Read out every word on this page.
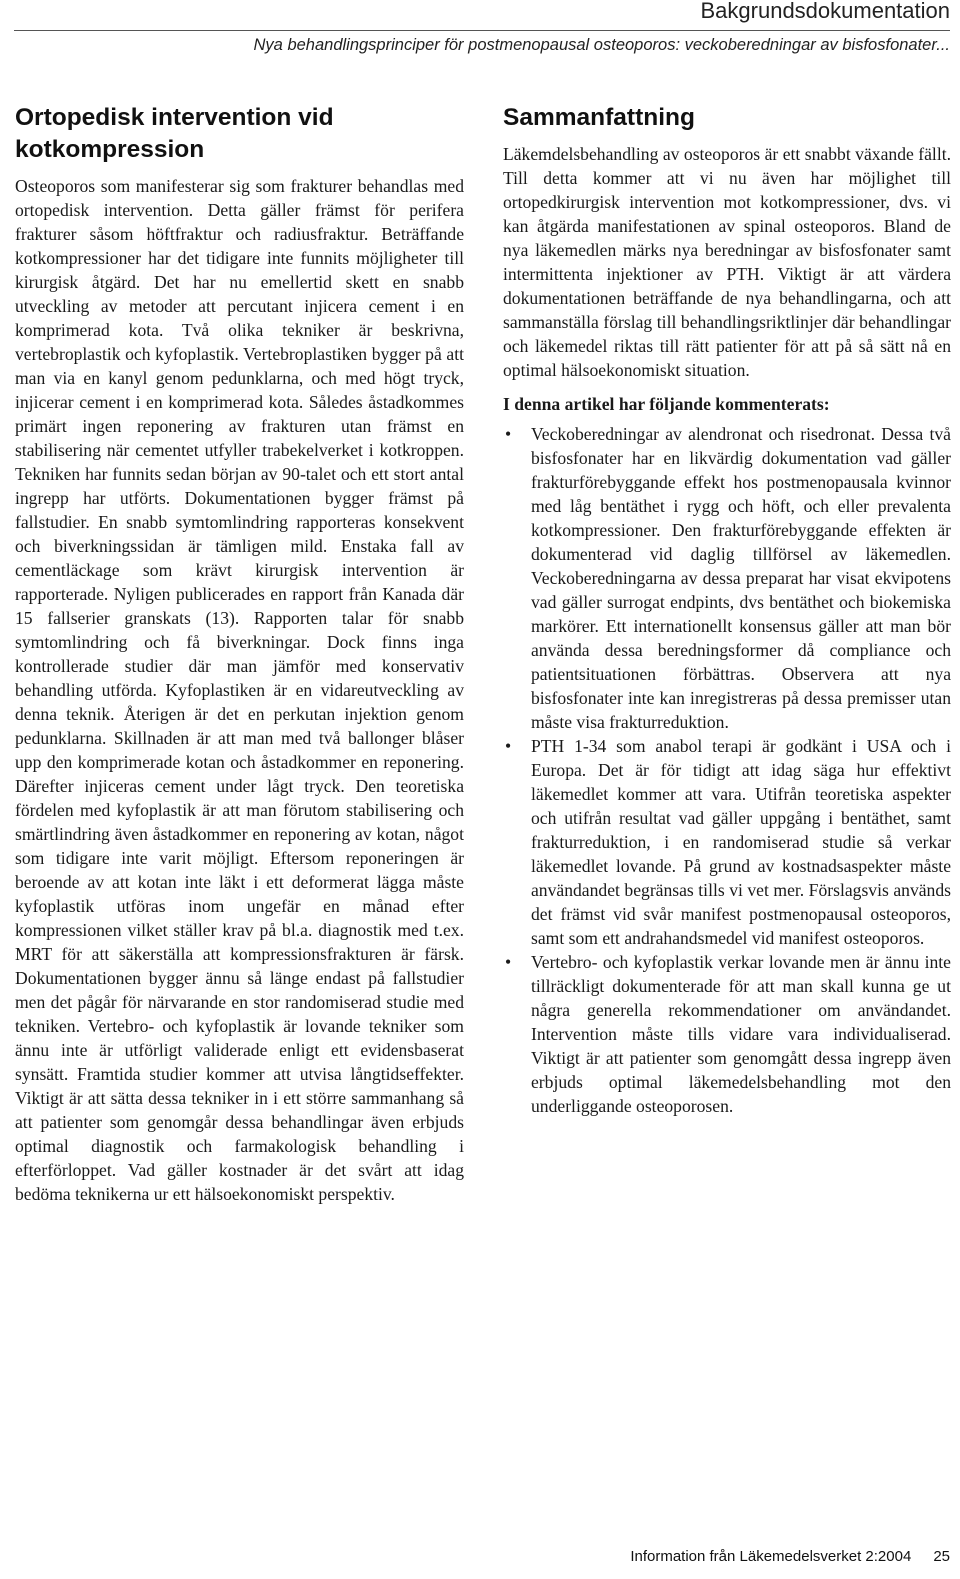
Bakgrundsdokumentation
Nya behandlingsprinciper för postmenopausal osteoporos: veckoberedningar av bisfosfonater...
Ortopedisk intervention vid kotkompression

Osteoporos som manifesterar sig som frakturer behandlas med ortopedisk intervention. Detta gäller främst för perifera frakturer såsom höftfraktur och radiusfraktur. Beträffande kotkompressioner har det tidigare inte funnits möjligheter till kirurgisk åtgärd. Det har nu emellertid skett en snabb utveckling av metoder att percutant injicera cement i en komprimerad kota. Två olika tekniker är beskrivna, vertebroplastik och kyfoplastik. Vertebroplastiken bygger på att man via en kanyl genom pedunklarna, och med högt tryck, injicerar cement i en komprimerad kota. Således åstadkommes primärt ingen reponering av frakturen utan främst en stabilisering när cementet utfyller trabekelverket i kotkroppen. Tekniken har funnits sedan början av 90-talet och ett stort antal ingrepp har utförts. Dokumentationen bygger främst på fallstudier. En snabb symtomlindring rapporteras konsekvent och biverkningssidan är tämligen mild. Enstaka fall av cementläckage som krävt kirurgisk intervention är rapporterade. Nyligen publicerades en rapport från Kanada där 15 fallserier granskats (13). Rapporten talar för snabb symtomlindring och få biverkningar. Dock finns inga kontrollerade studier där man jämför med konservativ behandling utförda. Kyfoplastiken är en vidareutveckling av denna teknik. Återigen är det en perkutan injektion genom pedunklarna. Skillnaden är att man med två ballonger blåser upp den komprimerade kotan och åstadkommer en reponering. Därefter injiceras cement under lågt tryck. Den teoretiska fördelen med kyfoplastik är att man förutom stabilisering och smärtlindring även åstadkommer en reponering av kotan, något som tidigare inte varit möjligt. Eftersom reponeringen är beroende av att kotan inte läkt i ett deformerat lägga måste kyfoplastik utföras inom ungefär en månad efter kompressionen vilket ställer krav på bl.a. diagnostik med t.ex. MRT för att säkerställa att kompressionsfrakturen är färsk. Dokumentationen bygger ännu så länge endast på fallstudier men det pågår för närvarande en stor randomiserad studie med tekniken. Vertebro- och kyfoplastik är lovande tekniker som ännu inte är utförligt validerade enligt ett evidensbaserat synsätt. Framtida studier kommer att utvisa långtidseffekter. Viktigt är att sätta dessa tekniker in i ett större sammanhang så att patienter som genomgår dessa behandlingar även erbjuds optimal diagnostik och farmakologisk behandling i efterförloppet. Vad gäller kostnader är det svårt att idag bedöma teknikerna ur ett hälsoekonomiskt perspektiv.

Sammanfattning

Läkemdelsbehandling av osteoporos är ett snabbt växande fällt. Till detta kommer att vi nu även har möjlighet till ortopedkirurgisk intervention mot kotkompressioner, dvs. vi kan åtgärda manifestationen av spinal osteoporos. Bland de nya läkemedlen märks nya beredningar av bisfosfonater samt intermittenta injektioner av PTH. Viktigt är att värdera dokumentationen beträffande de nya behandlingarna, och att sammanställa förslag till behandlingsriktlinjer där behandlingar och läkemedel riktas till rätt patienter för att på så sätt nå en optimal hälsoekonomiskt situation.

I denna artikel har följande kommenterats:
• Veckoberedningar av alendronat och risedronat. Dessa två bisfosfonater har en likvärdig dokumentation vad gäller frakturförebyggande effekt hos postmenopausala kvinnor med låg bentäthet i rygg och höft, och eller prevalenta kotkompressioner. Den frakturförebyggande effekten är dokumenterad vid daglig tillförsel av läkemedlen. Veckoberedningarna av dessa preparat har visat ekvipotens vad gäller surrogat endpints, dvs bentäthet och biokemiska markörer. Ett internationellt konsensus gäller att man bör använda dessa beredningsformer då compliance och patientsituationen förbättras. Observera att nya bisfosfonater inte kan inregistreras på dessa premisser utan måste visa frakturreduktion.
• PTH 1-34 som anabol terapi är godkänt i USA och i Europa. Det är för tidigt att idag säga hur effektivt läkemedlet kommer att vara. Utifrån teoretiska aspekter och utifrån resultat vad gäller uppgång i bentäthet, samt frakturreduktion, i en randomiserad studie så verkar läkemedlet lovande. På grund av kostnadsaspekter måste användandet begränsas tills vi vet mer. Förslagsvis används det främst vid svår manifest postmenopausal osteoporos, samt som ett andrahandsmedel vid manifest osteoporos.
• Vertebro- och kyfoplastik verkar lovande men är ännu inte tillräckligt dokumenterade för att man skall kunna ge ut några generella rekommendationer om användandet. Intervention måste tills vidare vara individualiserad. Viktigt är att patienter som genomgått dessa ingrepp även erbjuds optimal läkemedelsbehandling mot den underliggande osteoporosen.
Information från Läkemedelsverket 2:2004 25
